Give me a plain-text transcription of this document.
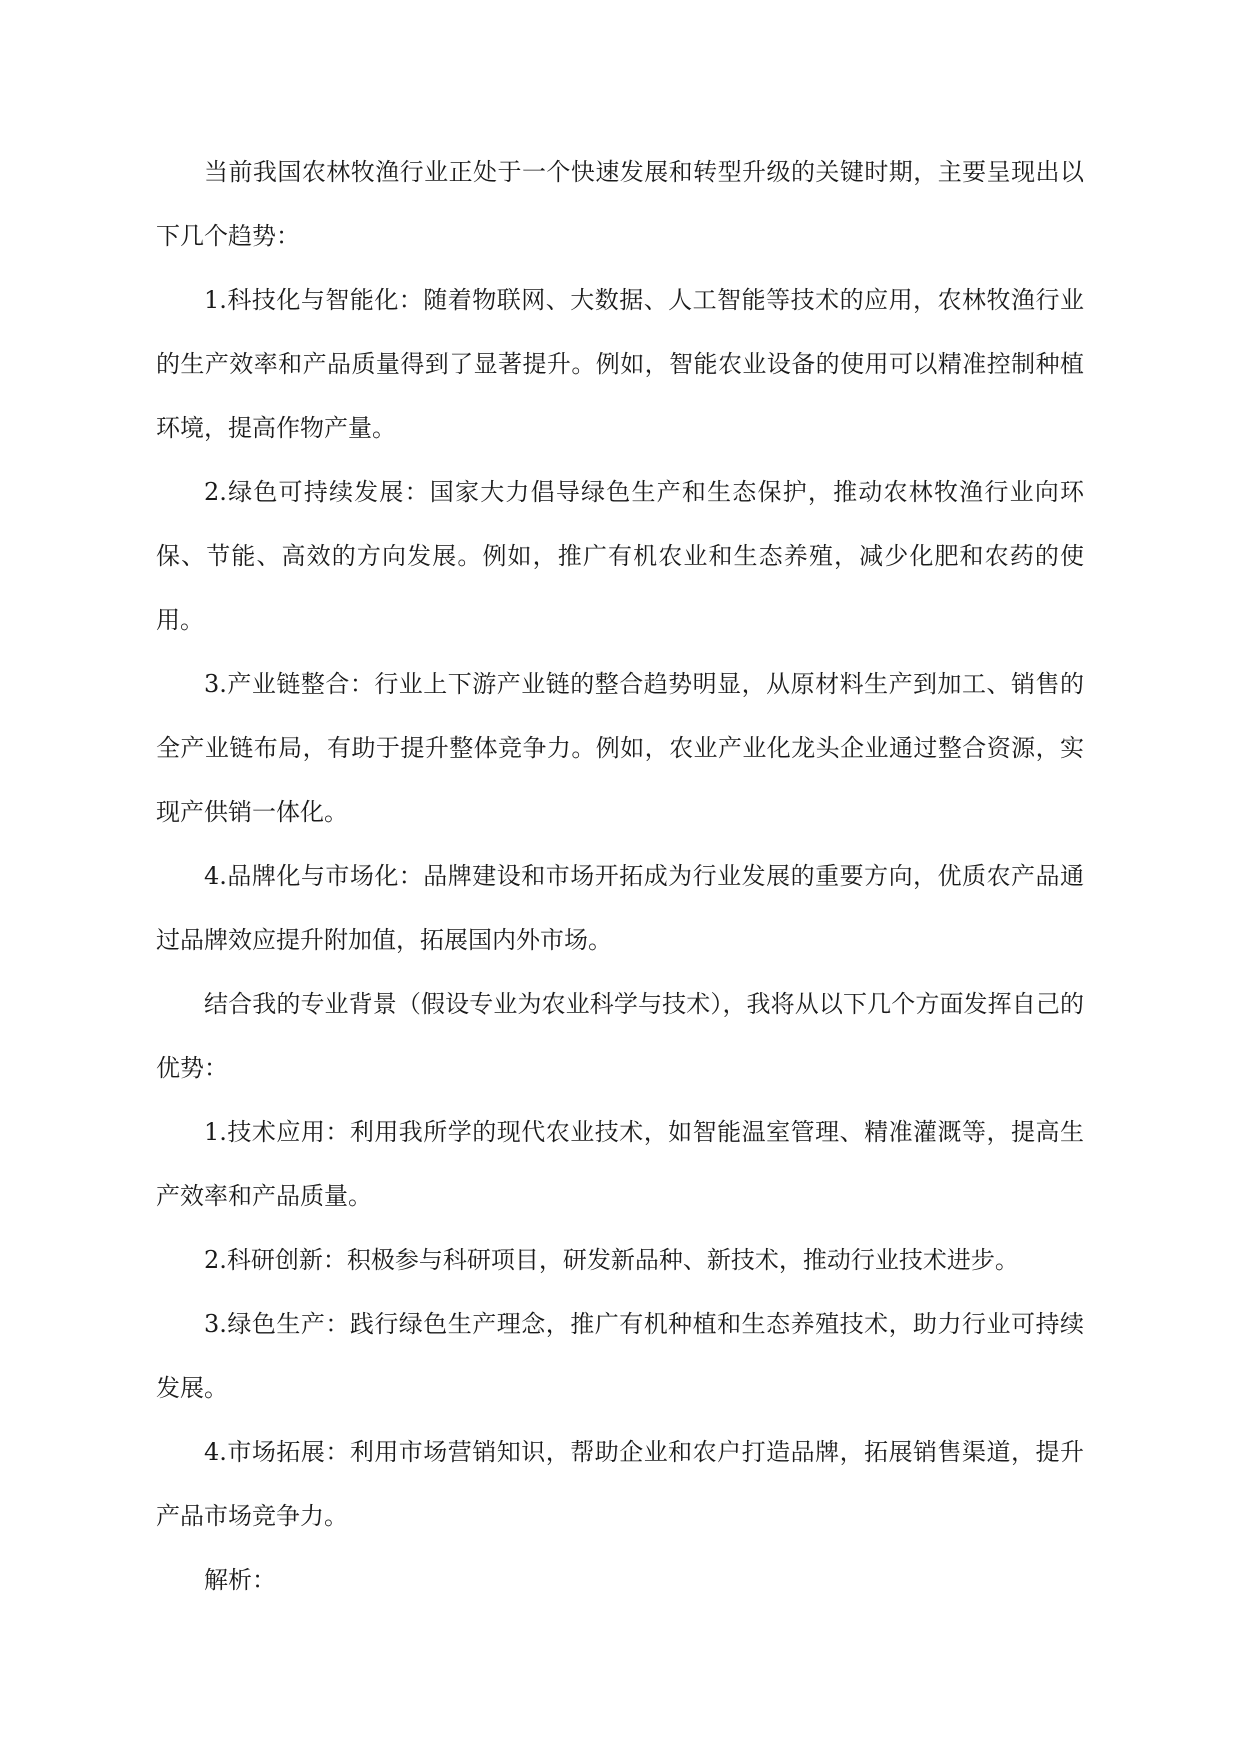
当前我国农林牧渔行业正处于一个快速发展和转型升级的关键时期，主要呈现出以下几个趋势：

1.科技化与智能化：随着物联网、大数据、人工智能等技术的应用，农林牧渔行业的生产效率和产品质量得到了显著提升。例如，智能农业设备的使用可以精准控制种植环境，提高作物产量。

2.绿色可持续发展：国家大力倡导绿色生产和生态保护，推动农林牧渔行业向环保、节能、高效的方向发展。例如，推广有机农业和生态养殖，减少化肥和农药的使用。

3.产业链整合：行业上下游产业链的整合趋势明显，从原材料生产到加工、销售的全产业链布局，有助于提升整体竞争力。例如，农业产业化龙头企业通过整合资源，实现产供销一体化。

4.品牌化与市场化：品牌建设和市场开拓成为行业发展的重要方向，优质农产品通过品牌效应提升附加值，拓展国内外市场。

结合我的专业背景（假设专业为农业科学与技术），我将从以下几个方面发挥自己的优势：

1.技术应用：利用我所学的现代农业技术，如智能温室管理、精准灌溉等，提高生产效率和产品质量。

2.科研创新：积极参与科研项目，研发新品种、新技术，推动行业技术进步。

3.绿色生产：践行绿色生产理念，推广有机种植和生态养殖技术，助力行业可持续发展。

4.市场拓展：利用市场营销知识，帮助企业和农户打造品牌，拓展销售渠道，提升产品市场竞争力。

解析：
